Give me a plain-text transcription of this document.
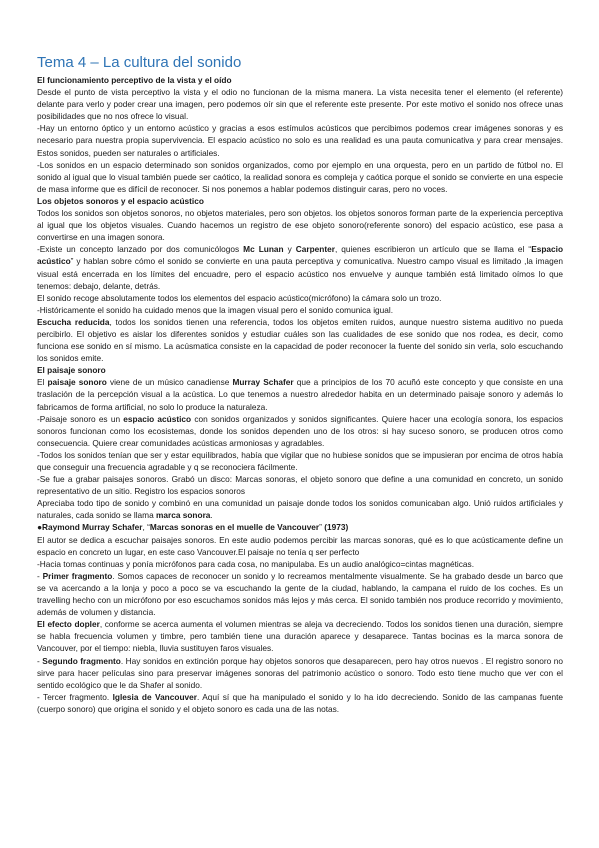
Tema 4 – La cultura del sonido
El funcionamiento perceptivo de la vista y el oído

Desde el punto de vista perceptivo la vista y el odio no funcionan de la misma manera. La vista necesita tener el elemento (el referente) delante para verlo y poder crear una imagen, pero podemos oír sin que el referente este presente. Por este motivo el sonido nos ofrece unas posibilidades que no nos ofrece lo visual.

-Hay un entorno óptico y un entorno acústico y gracias a esos estímulos acústicos que percibimos podemos crear imágenes sonoras y es necesario para nuestra propia supervivencia. El espacio acústico no solo es una realidad es una pauta comunicativa y para crear mensajes. Estos sonidos, pueden ser naturales o artificiales.

-Los sonidos en un espacio determinado son sonidos organizados, como por ejemplo en una orquesta, pero en un partido de fútbol no. El sonido al igual que lo visual también puede ser caótico, la realidad sonora es compleja y caótica porque el sonido se convierte en una especie de masa informe que es difícil de reconocer. Si nos ponemos a hablar podemos distinguir caras, pero no voces.

Los objetos sonoros y el espacio acústico

Todos los sonidos son objetos sonoros, no objetos materiales, pero son objetos. los objetos sonoros forman parte de la experiencia perceptiva al igual que los objetos visuales. Cuando hacemos un registro de ese objeto sonoro(referente sonoro) del espacio acústico, ese pasa a convertirse en una imagen sonora.

-Existe un concepto lanzado por dos comunicólogos Mc Lunan y Carpenter, quienes escribieron un artículo que se llama el “Espacio acústico” y hablan sobre cómo el sonido se convierte en una pauta perceptiva y comunicativa. Nuestro campo visual es limitado ,la imagen visual está encerrada en los límites del encuadre, pero el espacio acústico nos envuelve y aunque también está limitado oímos lo que tenemos: debajo, delante, detrás.

El sonido recoge absolutamente todos los elementos del espacio acústico(micrófono) la cámara solo un trozo.

-Históricamente el sonido ha cuidado menos que la imagen visual pero el sonido comunica igual.

Escucha reducida, todos los sonidos tienen una referencia, todos los objetos emiten ruidos, aunque nuestro sistema auditivo no pueda percibirlo. El objetivo es aislar los diferentes sonidos y estudiar cuáles son las cualidades de ese sonido que nos rodea, es decir, como funciona ese sonido en sí mismo. La acúsmatica consiste en la capacidad de poder reconocer la fuente del sonido sin verla, solo escuchando los sonidos emite.

El paisaje sonoro

El paisaje sonoro viene de un músico canadiense Murray Schafer que a principios de los 70 acuñó este concepto y que consiste en una traslación de la percepción visual a la acústica. Lo que tenemos a nuestro alrededor habita en un determinado paisaje sonoro y además lo fabricamos de forma artificial, no solo lo produce la naturaleza.

-Paisaje sonoro es un espacio acústico con sonidos organizados y sonidos significantes. Quiere hacer una ecología sonora, los espacios sonoros funcionan como los ecosistemas, donde los sonidos dependen uno de los otros: si hay suceso sonoro, se producen otros como consecuencia. Quiere crear comunidades acústicas armoniosas y agradables.

-Todos los sonidos tenían que ser y estar equilibrados, había que vigilar que no hubiese sonidos que se impusieran por encima de otros había que conseguir una frecuencia agradable y q se reconociera fácilmente.

-Se fue a grabar paisajes sonoros. Grabó un disco: Marcas sonoras, el objeto sonoro que define a una comunidad en concreto, un sonido representativo de un sitio. Registro los espacios sonoros

Apreciaba todo tipo de sonido y combinó en una comunidad un paisaje donde todos los sonidos comunicaban algo. Unió ruidos artificiales y naturales, cada sonido se llama marca sonora.

●Raymond Murray Schafer, “Marcas sonoras en el muelle de Vancouver” (1973)

El autor se dedica a escuchar paisajes sonoros. En este audio podemos percibir las marcas sonoras, qué es lo que acústicamente define un espacio en concreto un lugar, en este caso Vancouver.El paisaje no tenía q ser perfecto

-Hacia tomas continuas y ponía micrófonos para cada cosa, no manipulaba. Es un audio analógico=cintas magnéticas.

- Primer fragmento. Somos capaces de reconocer un sonido y lo recreamos mentalmente visualmente. Se ha grabado desde un barco que se va acercando a la lonja y poco a poco se va escuchando la gente de la ciudad, hablando, la campana el ruido de los coches. Es un travelling hecho con un micrófono por eso escuchamos sonidos más lejos y más cerca. El sonido también nos produce recorrido y movimiento, además de volumen y distancia.

El efecto dopler, conforme se acerca aumenta el volumen mientras se aleja va decreciendo. Todos los sonidos tienen una duración, siempre se habla frecuencia volumen y timbre, pero también tiene una duración aparece y desaparece. Tantas bocinas es la marca sonora de Vancouver, por el tiempo: niebla, lluvia sustituyen faros visuales.

- Segundo fragmento. Hay sonidos en extinción porque hay objetos sonoros que desaparecen, pero hay otros nuevos . El registro sonoro no sirve para hacer películas sino para preservar imágenes sonoras del patrimonio acústico o sonoro. Todo esto tiene mucho que ver con el sentido ecológico que le da Shafer al sonido.

- Tercer fragmento. Iglesia de Vancouver. Aquí sí que ha manipulado el sonido y lo ha ido decreciendo. Sonido de las campanas fuente (cuerpo sonoro) que origina el sonido y el objeto sonoro es cada una de las notas.
